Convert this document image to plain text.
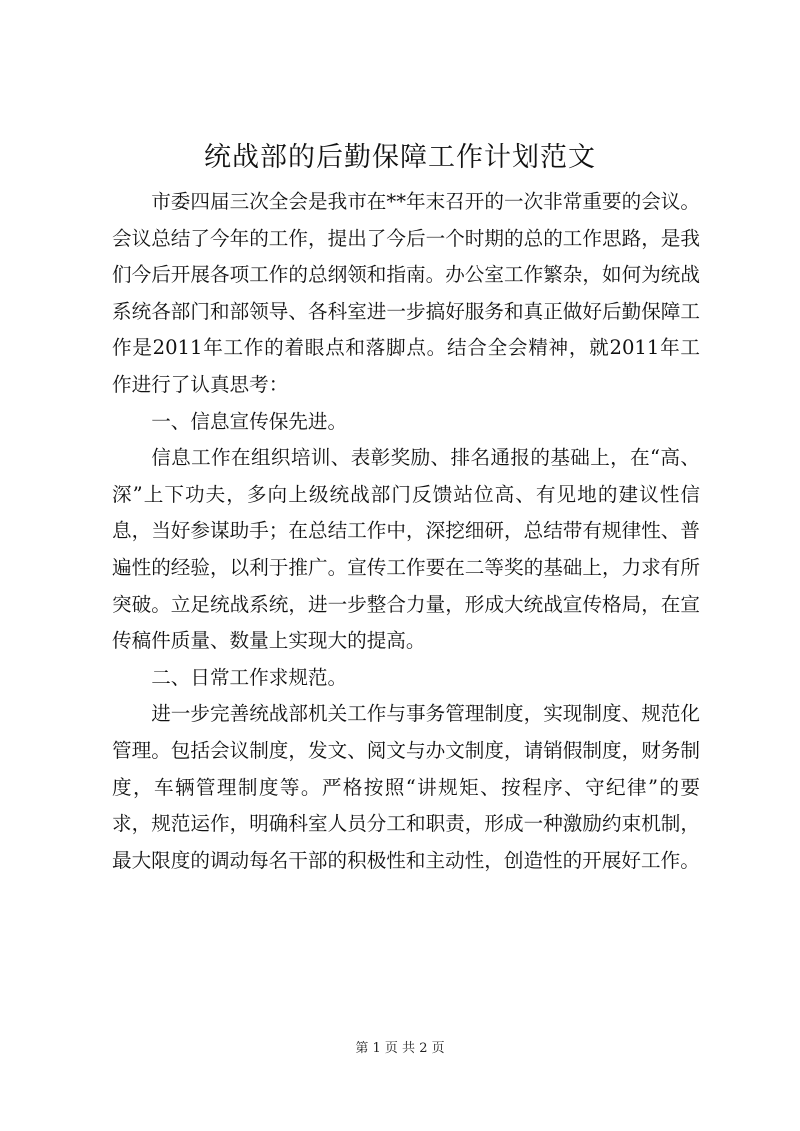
统战部的后勤保障工作计划范文

市委四届三次全会是我市在**年末召开的一次非常重要的会议。会议总结了今年的工作，提出了今后一个时期的总的工作思路，是我们今后开展各项工作的总纲领和指南。办公室工作繁杂，如何为统战系统各部门和部领导、各科室进一步搞好服务和真正做好后勤保障工作是2011年工作的着眼点和落脚点。结合全会精神，就2011年工作进行了认真思考：

一、信息宣传保先进。

信息工作在组织培训、表彰奖励、排名通报的基础上，在“高、深”上下功夫，多向上级统战部门反馈站位高、有见地的建议性信息，当好参谋助手；在总结工作中，深挖细研，总结带有规律性、普遍性的经验，以利于推广。宣传工作要在二等奖的基础上，力求有所突破。立足统战系统，进一步整合力量，形成大统战宣传格局，在宣传稿件质量、数量上实现大的提高。

二、日常工作求规范。

进一步完善统战部机关工作与事务管理制度，实现制度、规范化管理。包括会议制度，发文、阅文与办文制度，请销假制度，财务制度，车辆管理制度等。严格按照“讲规矩、按程序、守纪律”的要求，规范运作，明确科室人员分工和职责，形成一种激励约束机制，最大限度的调动每名干部的积极性和主动性，创造性的开展好工作。

第 1 页 共 2 页
